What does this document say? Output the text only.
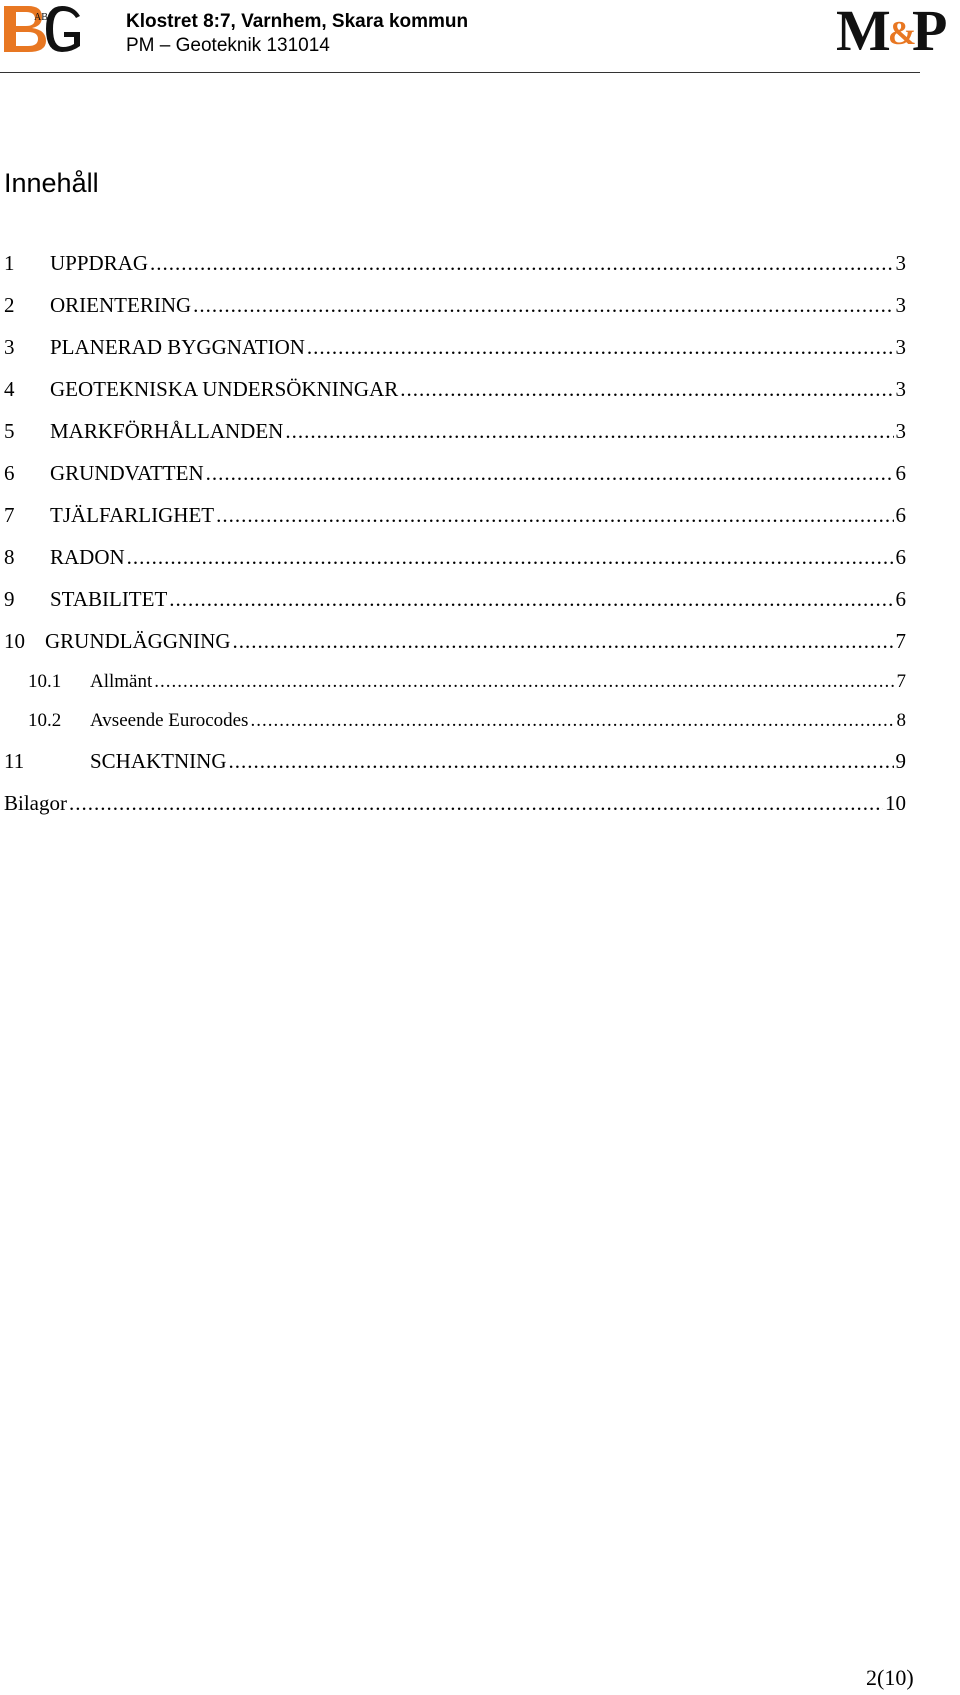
AB	Klostret 8:7, Varnhem, Skara kommun
PM – Geoteknik 131014	M
&
P
Innehåll
1	UPPDRAG .....	3
2	ORIENTERING .....	3
3	PLANERAD BYGGNATION .....	3
4	GEOTEKNISKA UNDERSÖKNINGAR .....	3
5	MARKFÖRHÅLLANDEN .....	3
6	GRUNDVATTEN .....	6
7	TJÄLFARLIGHET .....	6
8	RADON .....	6
9	STABILITET .....	6
10 GRUNDLÄGGNING .....	7
10.1	Allmänt .....	7
10.2	Avseende Eurocodes .....	8
11	SCHAKTNING .....	9
Bilagor .....	10
2(10)
